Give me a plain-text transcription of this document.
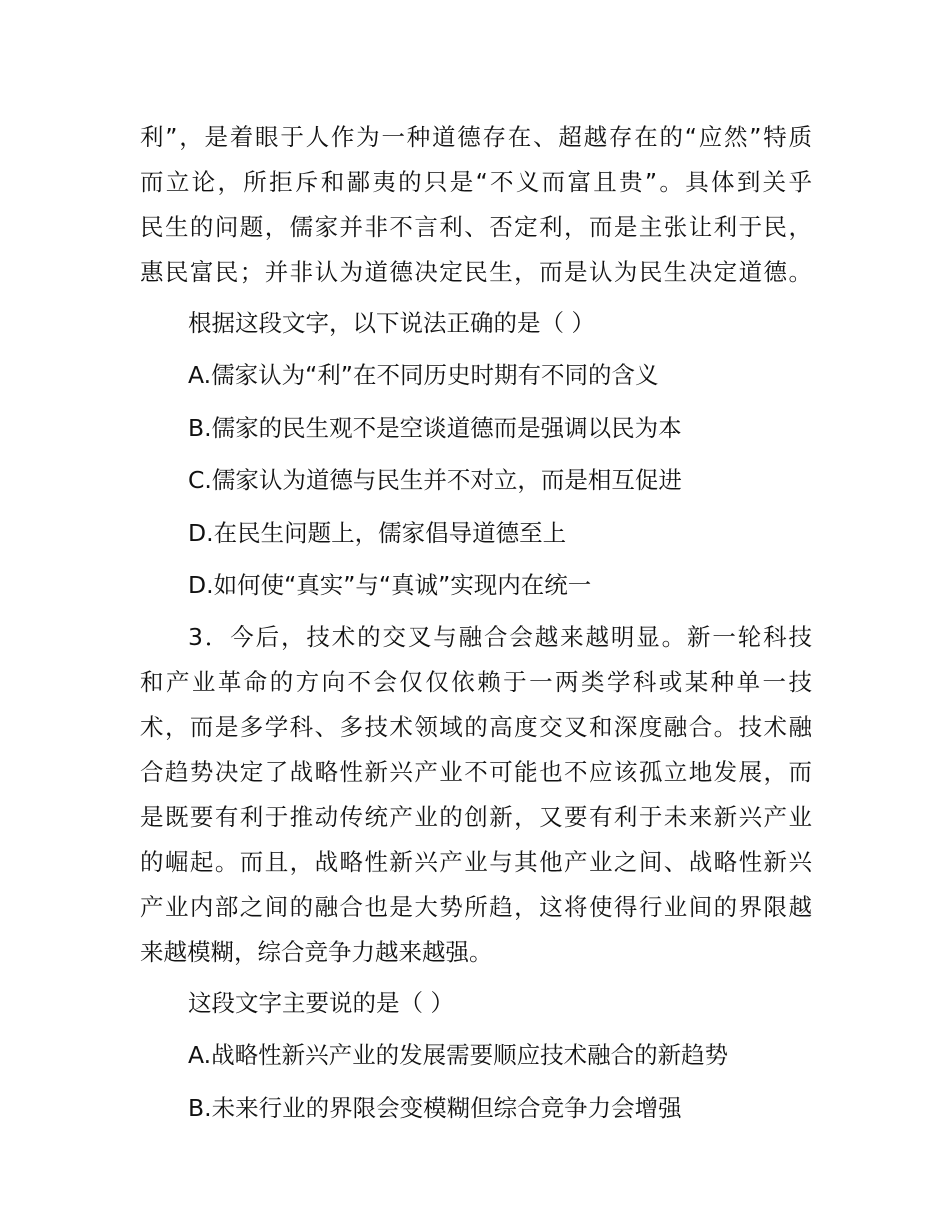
利”，是着眼于人作为一种道德存在、超越存在的“应然”特质
而立论，所拒斥和鄙夷的只是“不义而富且贵”。具体到关乎
民生的问题，儒家并非不言利、否定利，而是主张让利于民，
惠民富民；并非认为道德决定民生，而是认为民生决定道德。
根据这段文字，以下说法正确的是（ ）
A.儒家认为“利”在不同历史时期有不同的含义
B.儒家的民生观不是空谈道德而是强调以民为本
C.儒家认为道德与民生并不对立，而是相互促进
D.在民生问题上，儒家倡导道德至上
D.如何使“真实”与“真诚”实现内在统一
3．今后，技术的交叉与融合会越来越明显。新一轮科技
和产业革命的方向不会仅仅依赖于一两类学科或某种单一技
术，而是多学科、多技术领域的高度交叉和深度融合。技术融
合趋势决定了战略性新兴产业不可能也不应该孤立地发展，而
是既要有利于推动传统产业的创新，又要有利于未来新兴产业
的崛起。而且，战略性新兴产业与其他产业之间、战略性新兴
产业内部之间的融合也是大势所趋，这将使得行业间的界限越
来越模糊，综合竞争力越来越强。
这段文字主要说的是（ ）
A.战略性新兴产业的发展需要顺应技术融合的新趋势
B.未来行业的界限会变模糊但综合竞争力会增强
